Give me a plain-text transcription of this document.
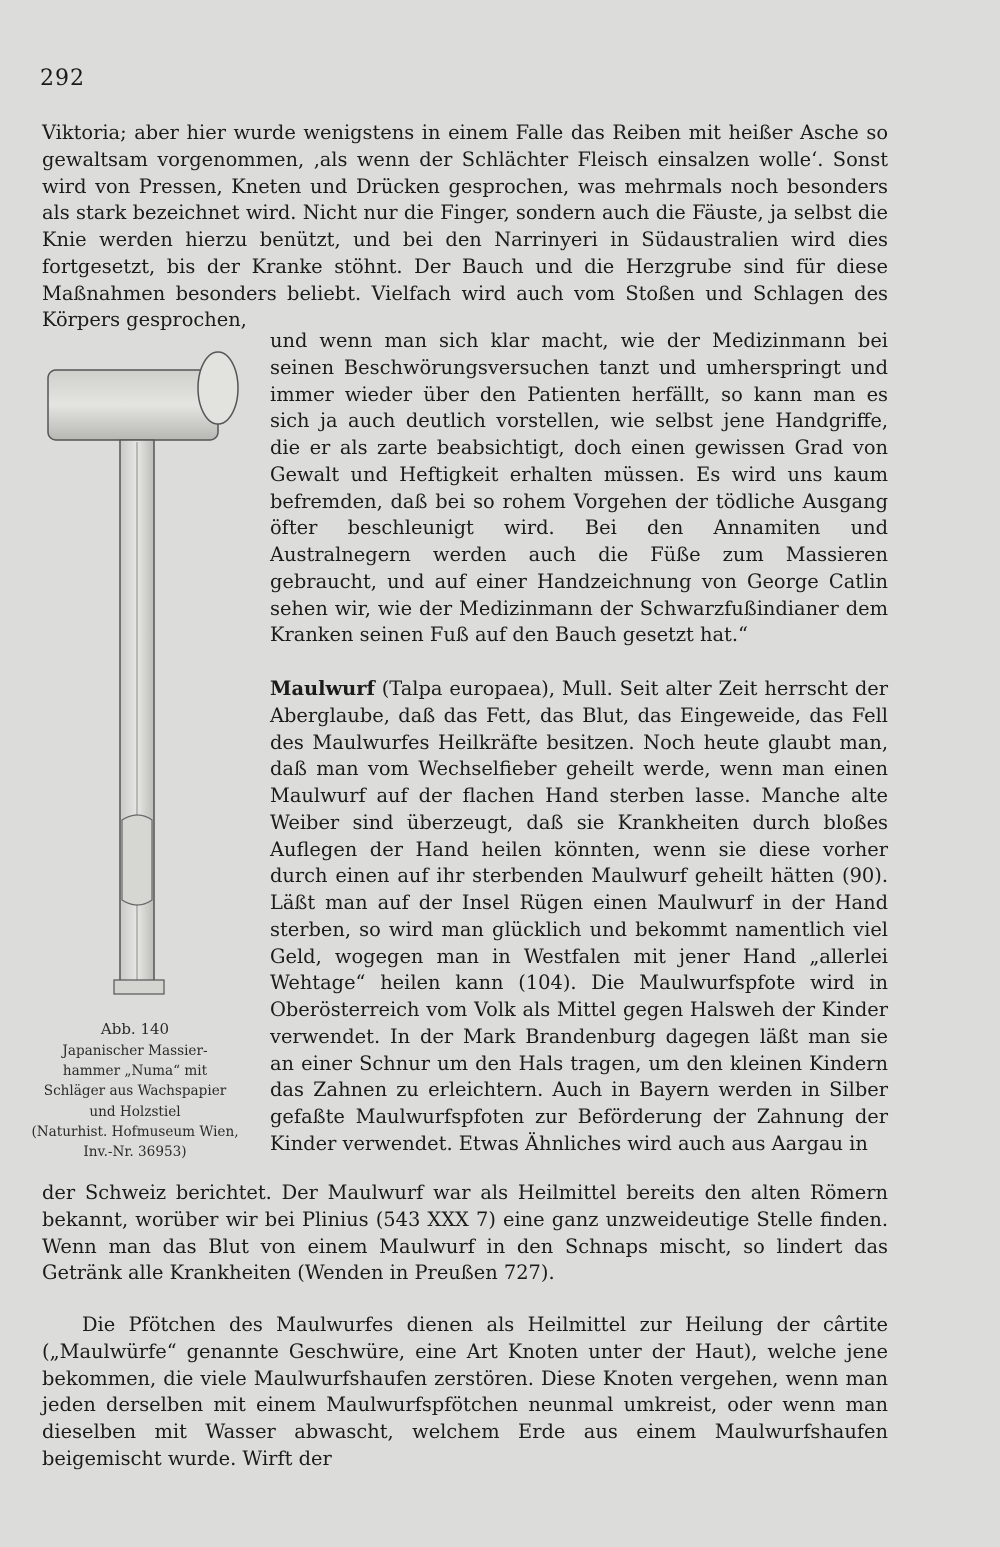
292

Viktoria; aber hier wurde wenigstens in einem Falle das Reiben mit heißer Asche so gewaltsam vorgenommen, ‚als wenn der Schlächter Fleisch einsalzen wolle‘. Sonst wird von Pressen, Kneten und Drücken gesprochen, was mehrmals noch besonders als stark bezeichnet wird. Nicht nur die Finger, sondern auch die Fäuste, ja selbst die Knie werden hierzu benützt, und bei den Narrinyeri in Südaustralien wird dies fortgesetzt, bis der Kranke stöhnt. Der Bauch und die Herzgrube sind für diese Maßnahmen besonders beliebt. Vielfach wird auch vom Stoßen und Schlagen des Körpers gesprochen,

Abb. 140
Japanischer Massier-
hammer „Numa“ mit
Schläger aus Wachspapier
und Holzstiel
(Naturhist. Hofmuseum Wien,
Inv.-Nr. 36953)

und wenn man sich klar macht, wie der Medizinmann bei seinen Beschwörungsversuchen tanzt und umherspringt und immer wieder über den Patienten herfällt, so kann man es sich ja auch deutlich vorstellen, wie selbst jene Handgriffe, die er als zarte beabsichtigt, doch einen gewissen Grad von Gewalt und Heftigkeit erhalten müssen. Es wird uns kaum befremden, daß bei so rohem Vorgehen der tödliche Ausgang öfter beschleunigt wird. Bei den Annamiten und Australnegern werden auch die Füße zum Massieren gebraucht, und auf einer Handzeichnung von George Catlin sehen wir, wie der Medizinmann der Schwarzfußindianer dem Kranken seinen Fuß auf den Bauch gesetzt hat.“

Maulwurf (Talpa europaea), Mull. Seit alter Zeit herrscht der Aberglaube, daß das Fett, das Blut, das Eingeweide, das Fell des Maulwurfes Heilkräfte besitzen. Noch heute glaubt man, daß man vom Wechselfieber geheilt werde, wenn man einen Maulwurf auf der flachen Hand sterben lasse. Manche alte Weiber sind überzeugt, daß sie Krankheiten durch bloßes Auflegen der Hand heilen könnten, wenn sie diese vorher durch einen auf ihr sterbenden Maulwurf geheilt hätten (90). Läßt man auf der Insel Rügen einen Maulwurf in der Hand sterben, so wird man glücklich und bekommt namentlich viel Geld, wogegen man in Westfalen mit jener Hand „allerlei Wehtage“ heilen kann (104). Die Maulwurfspfote wird in Oberösterreich vom Volk als Mittel gegen Halsweh der Kinder verwendet. In der Mark Brandenburg dagegen läßt man sie an einer Schnur um den Hals tragen, um den kleinen Kindern das Zahnen zu erleichtern. Auch in Bayern werden in Silber gefaßte Maulwurfspfoten zur Beförderung der Zahnung der Kinder verwendet. Etwas Ähnliches wird auch aus Aargau in

der Schweiz berichtet. Der Maulwurf war als Heilmittel bereits den alten Römern bekannt, worüber wir bei Plinius (543 XXX 7) eine ganz unzweideutige Stelle finden. Wenn man das Blut von einem Maulwurf in den Schnaps mischt, so lindert das Getränk alle Krankheiten (Wenden in Preußen 727).

Die Pfötchen des Maulwurfes dienen als Heilmittel zur Heilung der cârtite („Maulwürfe“ genannte Geschwüre, eine Art Knoten unter der Haut), welche jene bekommen, die viele Maulwurfshaufen zerstören. Diese Knoten vergehen, wenn man jeden derselben mit einem Maulwurfspfötchen neunmal umkreist, oder wenn man dieselben mit Wasser abwascht, welchem Erde aus einem Maulwurfshaufen beigemischt wurde. Wirft der
